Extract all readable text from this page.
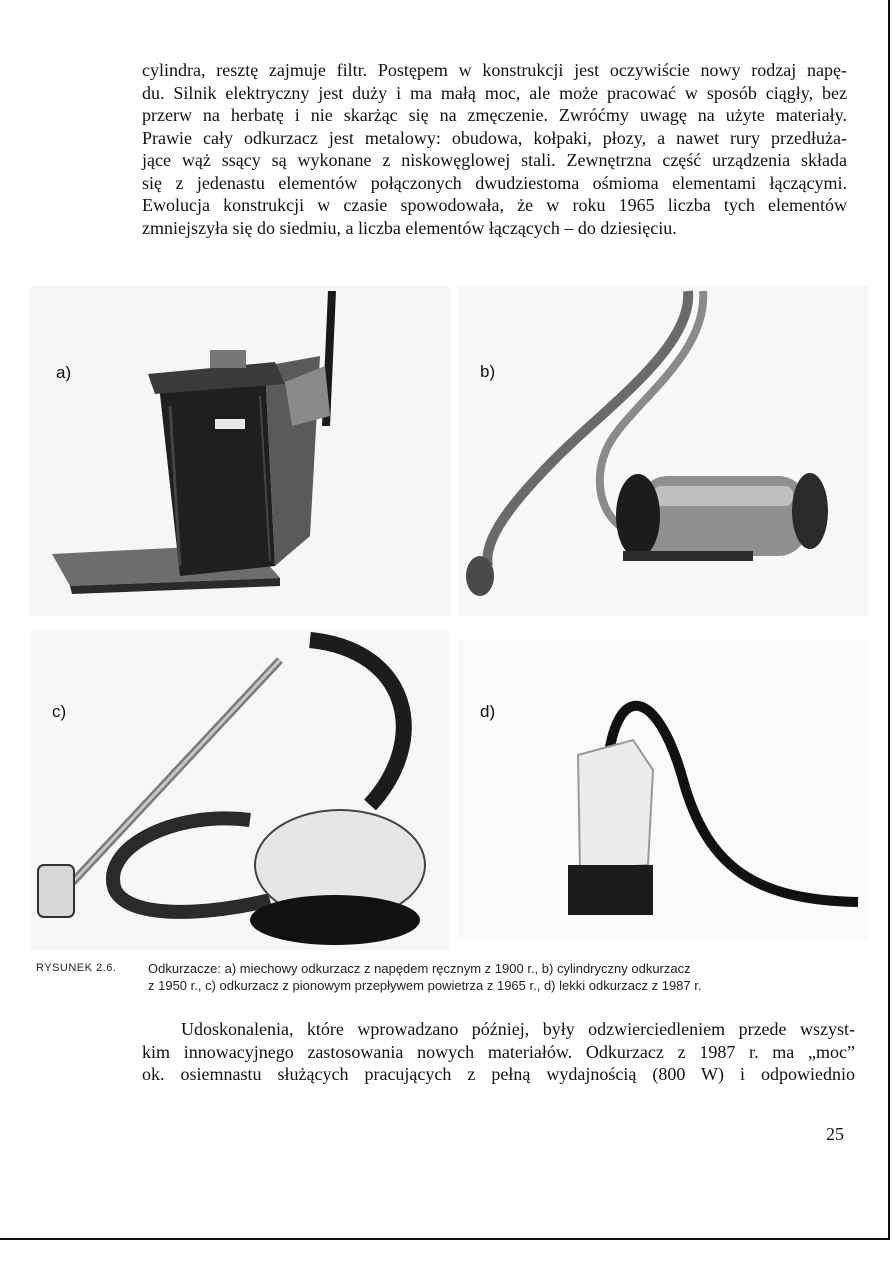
cylindra, resztę zajmuje filtr. Postępem w konstrukcji jest oczywiście nowy rodzaj napę-
du. Silnik elektryczny jest duży i ma małą moc, ale może pracować w sposób ciągły, bez
przerw na herbatę i nie skarżąc się na zmęczenie. Zwróćmy uwagę na użyte materiały.
Prawie cały odkurzacz jest metalowy: obudowa, kołpaki, płozy, a nawet rury przedłuża-
jące wąż ssący są wykonane z niskowęglowej stali. Zewnętrzna część urządzenia składa
się z jedenastu elementów połączonych dwudziestoma ośmioma elementami łączącymi.
Ewolucja konstrukcji w czasie spowodowała, że w roku 1965 liczba tych elementów
zmniejszyła się do siedmiu, a liczba elementów łączących – do dziesięciu.
a)	b)
c)	d)
RYSUNEK 2.6. Odkurzacze: a) miechowy odkurzacz z napędem ręcznym z 1900 r., b) cylindryczny odkurzacz
z 1950 r., c) odkurzacz z pionowym przepływem powietrza z 1965 r., d) lekki odkurzacz z 1987 r.
Udoskonalenia, które wprowadzano później, były odzwierciedleniem przede wszyst-
kim innowacyjnego zastosowania nowych materiałów. Odkurzacz z 1987 r. ma „moc”
ok. osiemnastu służących pracujących z pełną wydajnością (800 W) i odpowiednio
25
